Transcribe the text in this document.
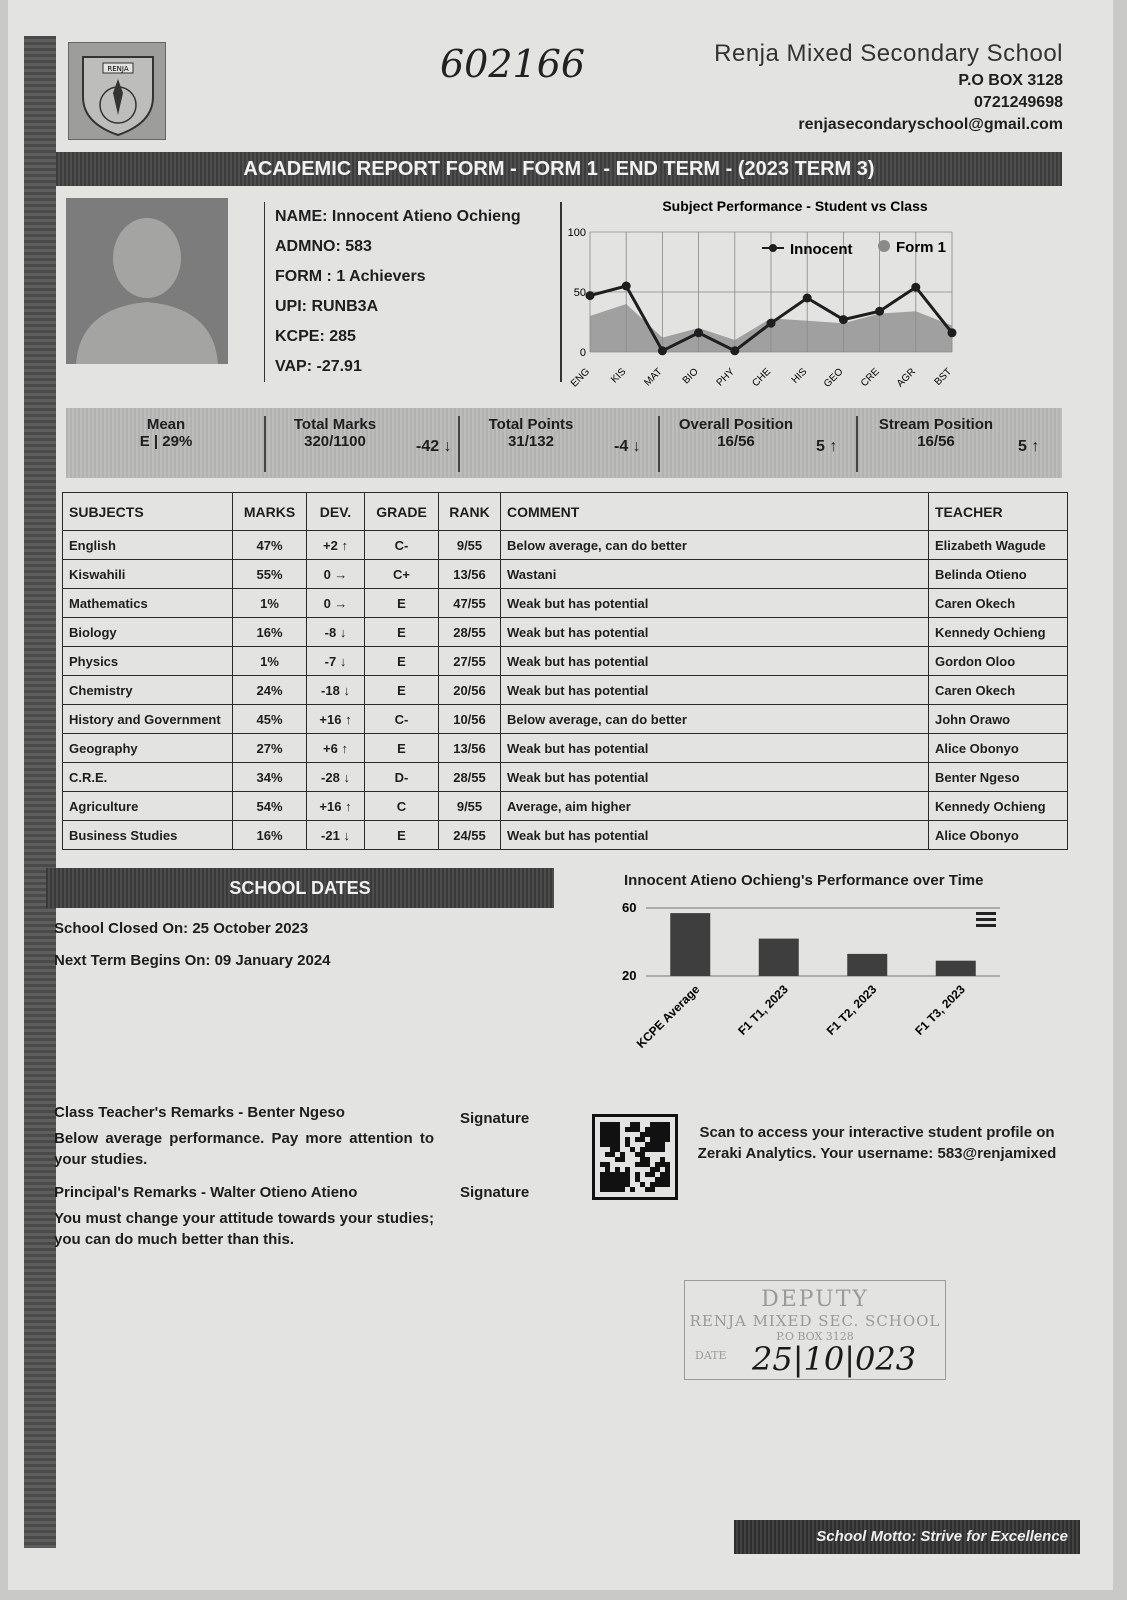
RENJA	602166	Renja Mixed Secondary School
P.O BOX 3128
0721249698
renjasecondaryschool@gmail.com
ACADEMIC REPORT FORM - FORM 1 - END TERM - (2023 TERM 3)
NAME: Innocent Atieno Ochieng
ADMNO: 583
FORM : 1 Achievers
UPI: RUNB3A
KCPE: 285
VAP: -27.91
Subject Performance - Student vs Class
0
50
100
ENG KIS MAT BIO PHY CHE HIS GEO CRE AGR BST
Innocent	Form 1
Mean
E | 29%
Total Marks
320/1100	-42 ↓
Total Points
31/132	-4 ↓
Overall Position
16/56	5 ↑
Stream Position
16/56	5 ↑
SUBJECTS	MARKS	DEV.	GRADE	RANK	COMMENT	TEACHER
English	47%	+2 ↑	C-	9/55	Below average, can do better	Elizabeth Wagude
Kiswahili	55%	0 →	C+	13/56	Wastani	Belinda Otieno
Mathematics	1%	0 →	E	47/55	Weak but has potential	Caren Okech
Biology	16%	-8 ↓	E	28/55	Weak but has potential	Kennedy Ochieng
Physics	1%	-7 ↓	E	27/55	Weak but has potential	Gordon Oloo
Chemistry	24%	-18 ↓	E	20/56	Weak but has potential	Caren Okech
History and Government	45%	+16 ↑	C-	10/56	Below average, can do better	John Orawo
Geography	27%	+6 ↑	E	13/56	Weak but has potential	Alice Obonyo
C.R.E.	34%	-28 ↓	D-	28/55	Weak but has potential	Benter Ngeso
Agriculture	54%	+16 ↑	C	9/55	Average, aim higher	Kennedy Ochieng
Business Studies	16%	-21 ↓	E	24/55	Weak but has potential	Alice Obonyo
SCHOOL DATES
School Closed On: 25 October 2023
Next Term Begins On: 09 January 2024
Innocent Atieno Ochieng's Performance over Time
20
60
KCPE Average	F1 T1, 2023	F1 T2, 2023	F1 T3, 2023
Class Teacher's Remarks - Benter Ngeso	Signature
Below average performance. Pay more attention to your studies.
Principal's Remarks - Walter Otieno Atieno	Signature
You must change your attitude towards your studies; you can do much better than this.
Scan to access your interactive student profile on Zeraki Analytics. Your username: 583@renjamixed
DEPUTY
RENJA MIXED SEC. SCHOOL
P.O BOX 3128
DATE 25|10|023
School Motto: Strive for Excellence
